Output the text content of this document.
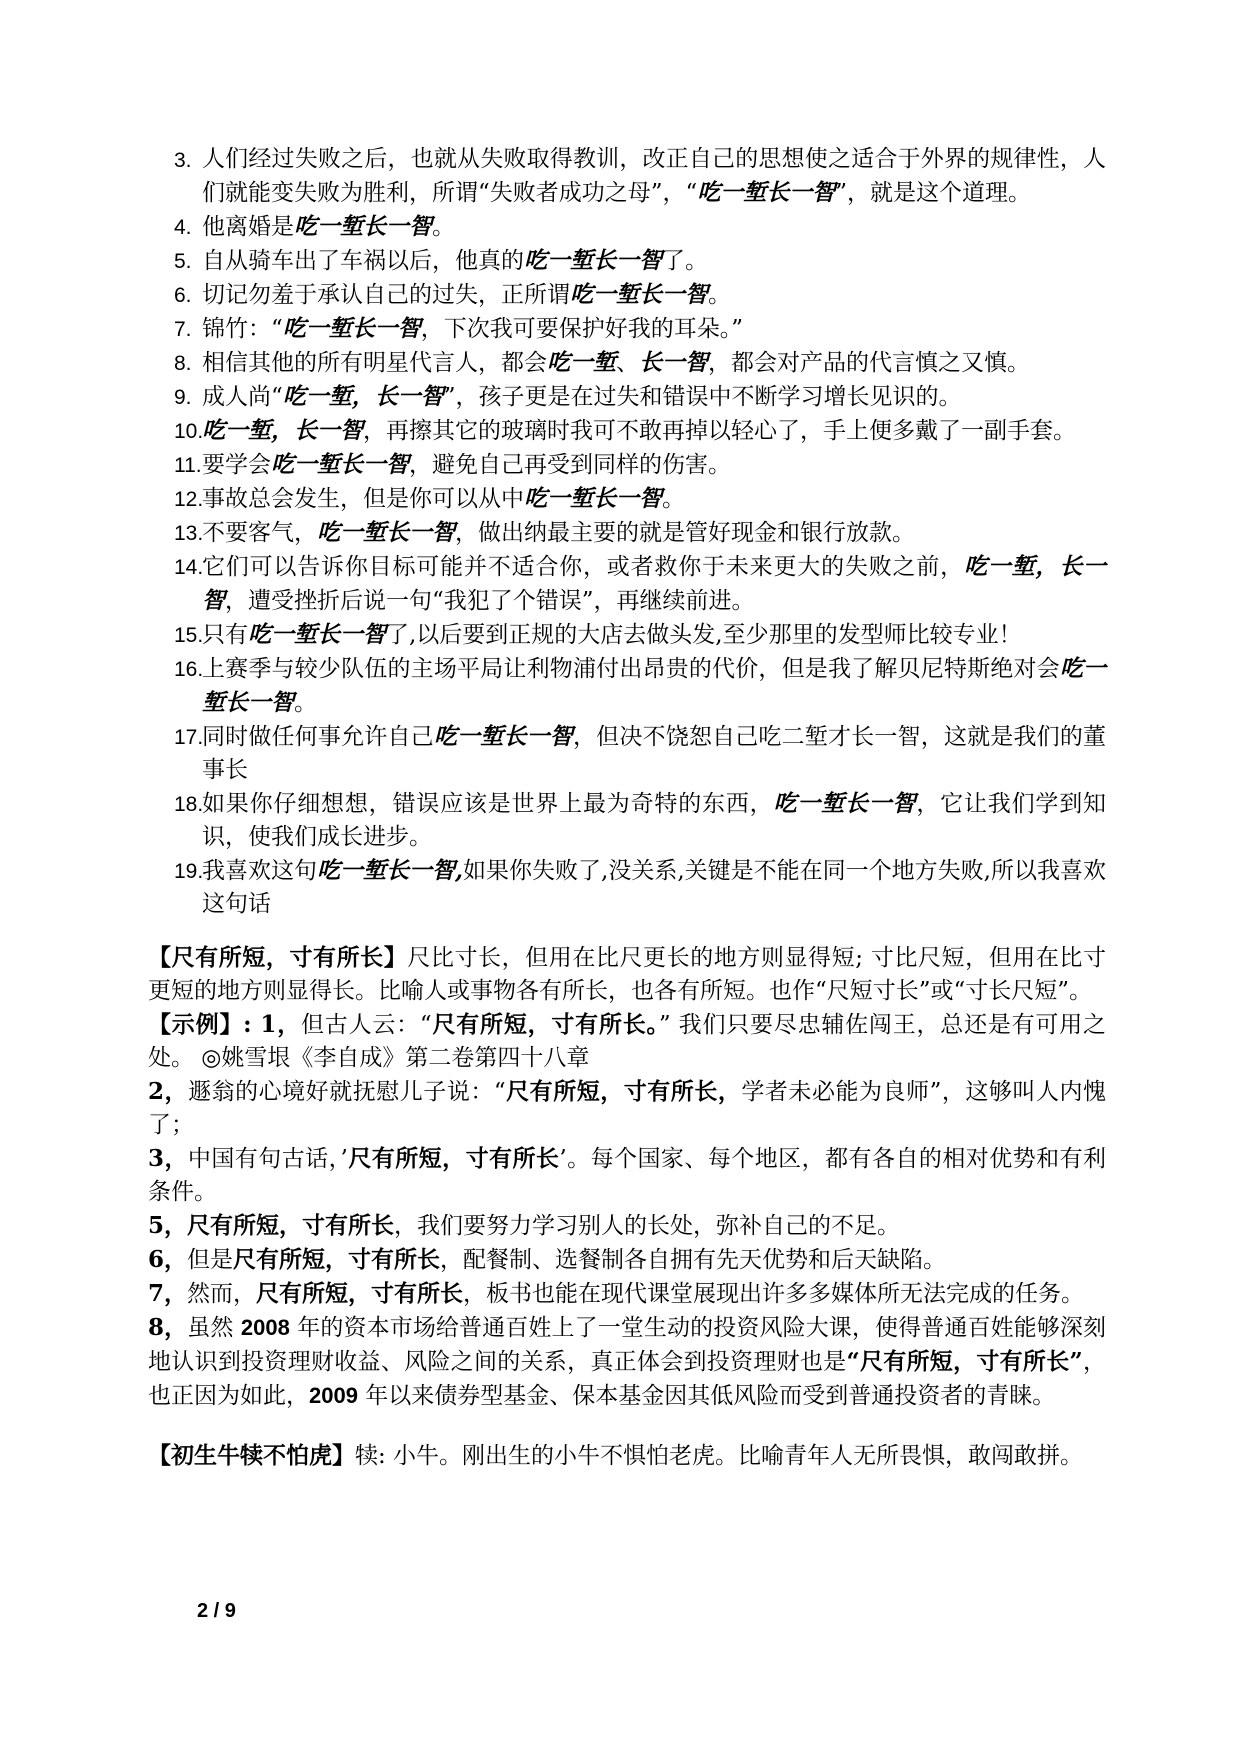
3. 人们经过失败之后，也就从失败取得教训，改正自己的思想使之适合于外界的规律性，人们就能变失败为胜利，所谓“失败者成功之母”，“吃一堑长一智”，就是这个道理。
4. 他离婚是吃一堑长一智。
5. 自从骑车出了车祸以后，他真的吃一堑长一智了。
6. 切记勿羞于承认自己的过失，正所谓吃一堑长一智。
7. 锦竹：“吃一堑长一智，下次我可要保护好我的耳朵。”
8. 相信其他的所有明星代言人，都会吃一堑、长一智，都会对产品的代言慎之又慎。
9. 成人尚“吃一堑，长一智”，孩子更是在过失和错误中不断学习增长见识的。
10.
吃一堑，长一智，再擦其它的玻璃时我可不敢再掉以轻心了，手上便多戴了一副手套。
11. 要学会吃一堑长一智，避免自己再受到同样的伤害。
12.
事故总会发生，但是你可以从中吃一堑长一智。
13.
不要客气，吃一堑长一智，做出纳最主要的就是管好现金和银行放款。
14.
它们可以告诉你目标可能并不适合你，或者救你于未来更大的失败之前，吃一堑，长一智，遭受挫折后说一句“我犯了个错误”，再继续前进。
15.
只有吃一堑长一智了,以后要到正规的大店去做头发,至少那里的发型师比较专业！
16.
上赛季与较少队伍的主场平局让利物浦付出昂贵的代价，但是我了解贝尼特斯绝对会吃一堑长一智。
17.
同时做任何事允许自己吃一堑长一智，但决不饶恕自己吃二堑才长一智，这就是我们的董事长
18.
如果你仔细想想，错误应该是世界上最为奇特的东西，吃一堑长一智，它让我们学到知识，使我们成长进步。
19.
我喜欢这句吃一堑长一智,如果你失败了,没关系,关键是不能在同一个地方失败,所以我喜欢这句话

【尺有所短，寸有所长】尺比寸长，但用在比尺更长的地方则显得短; 寸比尺短，但用在比寸更短的地方则显得长。比喻人或事物各有所长，也各有所短。也作“尺短寸长”或“寸长尺短”。

【示例】: 1，但古人云：“尺有所短，寸有所长。” 我们只要尽忠辅佐闯王，总还是有可用之处。 ◎姚雪垠《李自成》第二卷第四十八章

2，遯翁的心境好就抚慰儿子说：“尺有所短，寸有所长，学者未必能为良师”，这够叫人内愧了；

3，中国有句古话，’尺有所短，寸有所长’。每个国家、每个地区，都有各自的相对优势和有利条件。

5，尺有所短，寸有所长，我们要努力学习别人的长处，弥补自己的不足。

6，但是尺有所短，寸有所长，配餐制、选餐制各自拥有先天优势和后天缺陷。

7，然而，尺有所短，寸有所长，板书也能在现代课堂展现出许多多媒体所无法完成的任务。

8，虽然 2008 年的资本市场给普通百姓上了一堂生动的投资风险大课，使得普通百姓能够深刻地认识到投资理财收益、风险之间的关系，真正体会到投资理财也是“尺有所短，寸有所长”，也正因为如此，2009 年以来债券型基金、保本基金因其低风险而受到普通投资者的青睐。

【初生牛犊不怕虎】犊: 小牛。刚出生的小牛不惧怕老虎。比喻青年人无所畏惧，敢闯敢拼。

2 / 9
